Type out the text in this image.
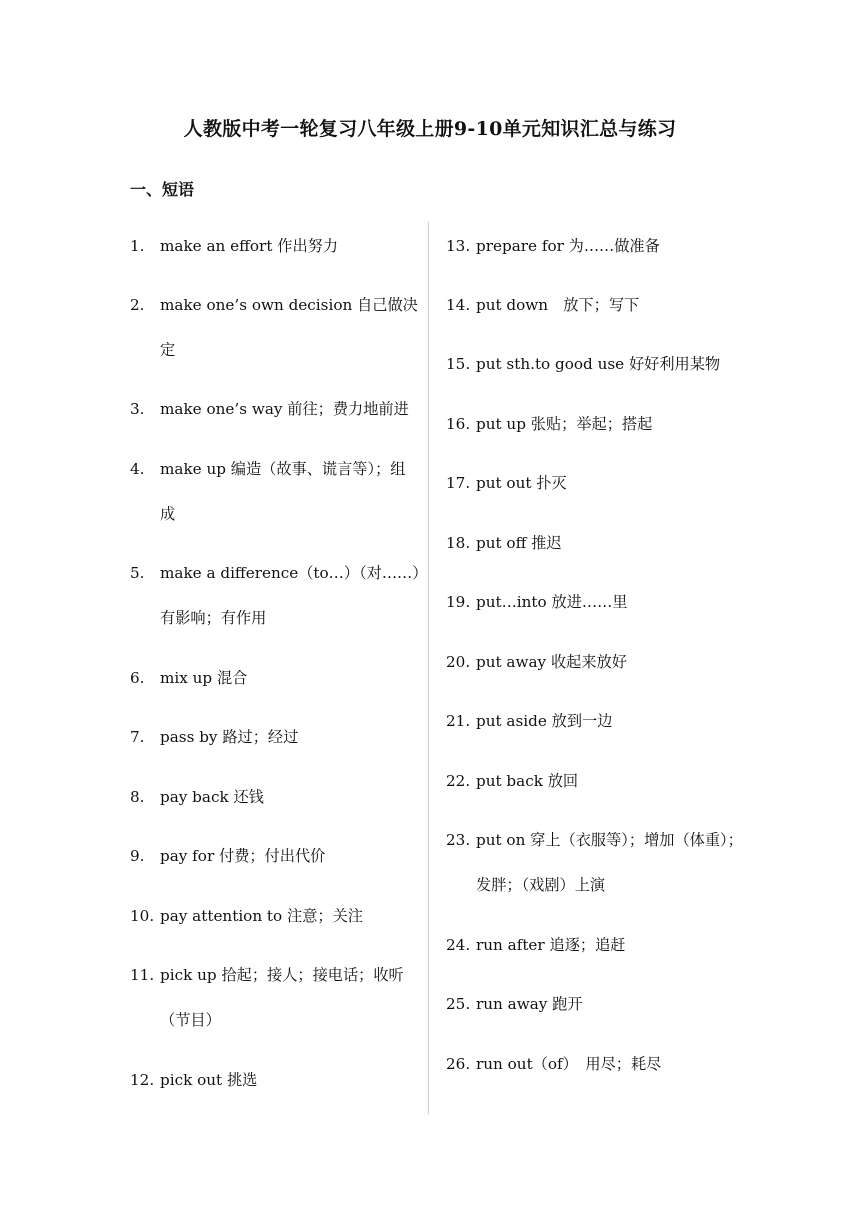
人教版中考一轮复习八年级上册9-10单元知识汇总与练习
一、短语
1. make an effort 作出努力
2. make one’s own decision 自己做决定
3. make one’s way 前往；费力地前进
4. make up 编造（故事、谎言等）；组成
5. make a difference（to…）（对……）有影响；有作用
6. mix up 混合
7. pass by 路过；经过
8. pay back 还钱
9. pay for 付费；付出代价
10. pay attention to 注意；关注
11. pick up 拾起；接人；接电话；收听（节目）
12. pick out 挑选
13. prepare for 为……做准备
14. put down　放下；写下
15. put sth.to good use 好好利用某物
16. put up 张贴；举起；搭起
17. put out 扑灭
18. put off 推迟
19. put…into 放进……里
20. put away 收起来放好
21. put aside 放到一边
22. put back 放回
23. put on 穿上（衣服等）；增加（体重）；发胖；（戏剧）上演
24. run after 追逐；追赶
25. run away 跑开
26. run out（of）　用尽；耗尽
